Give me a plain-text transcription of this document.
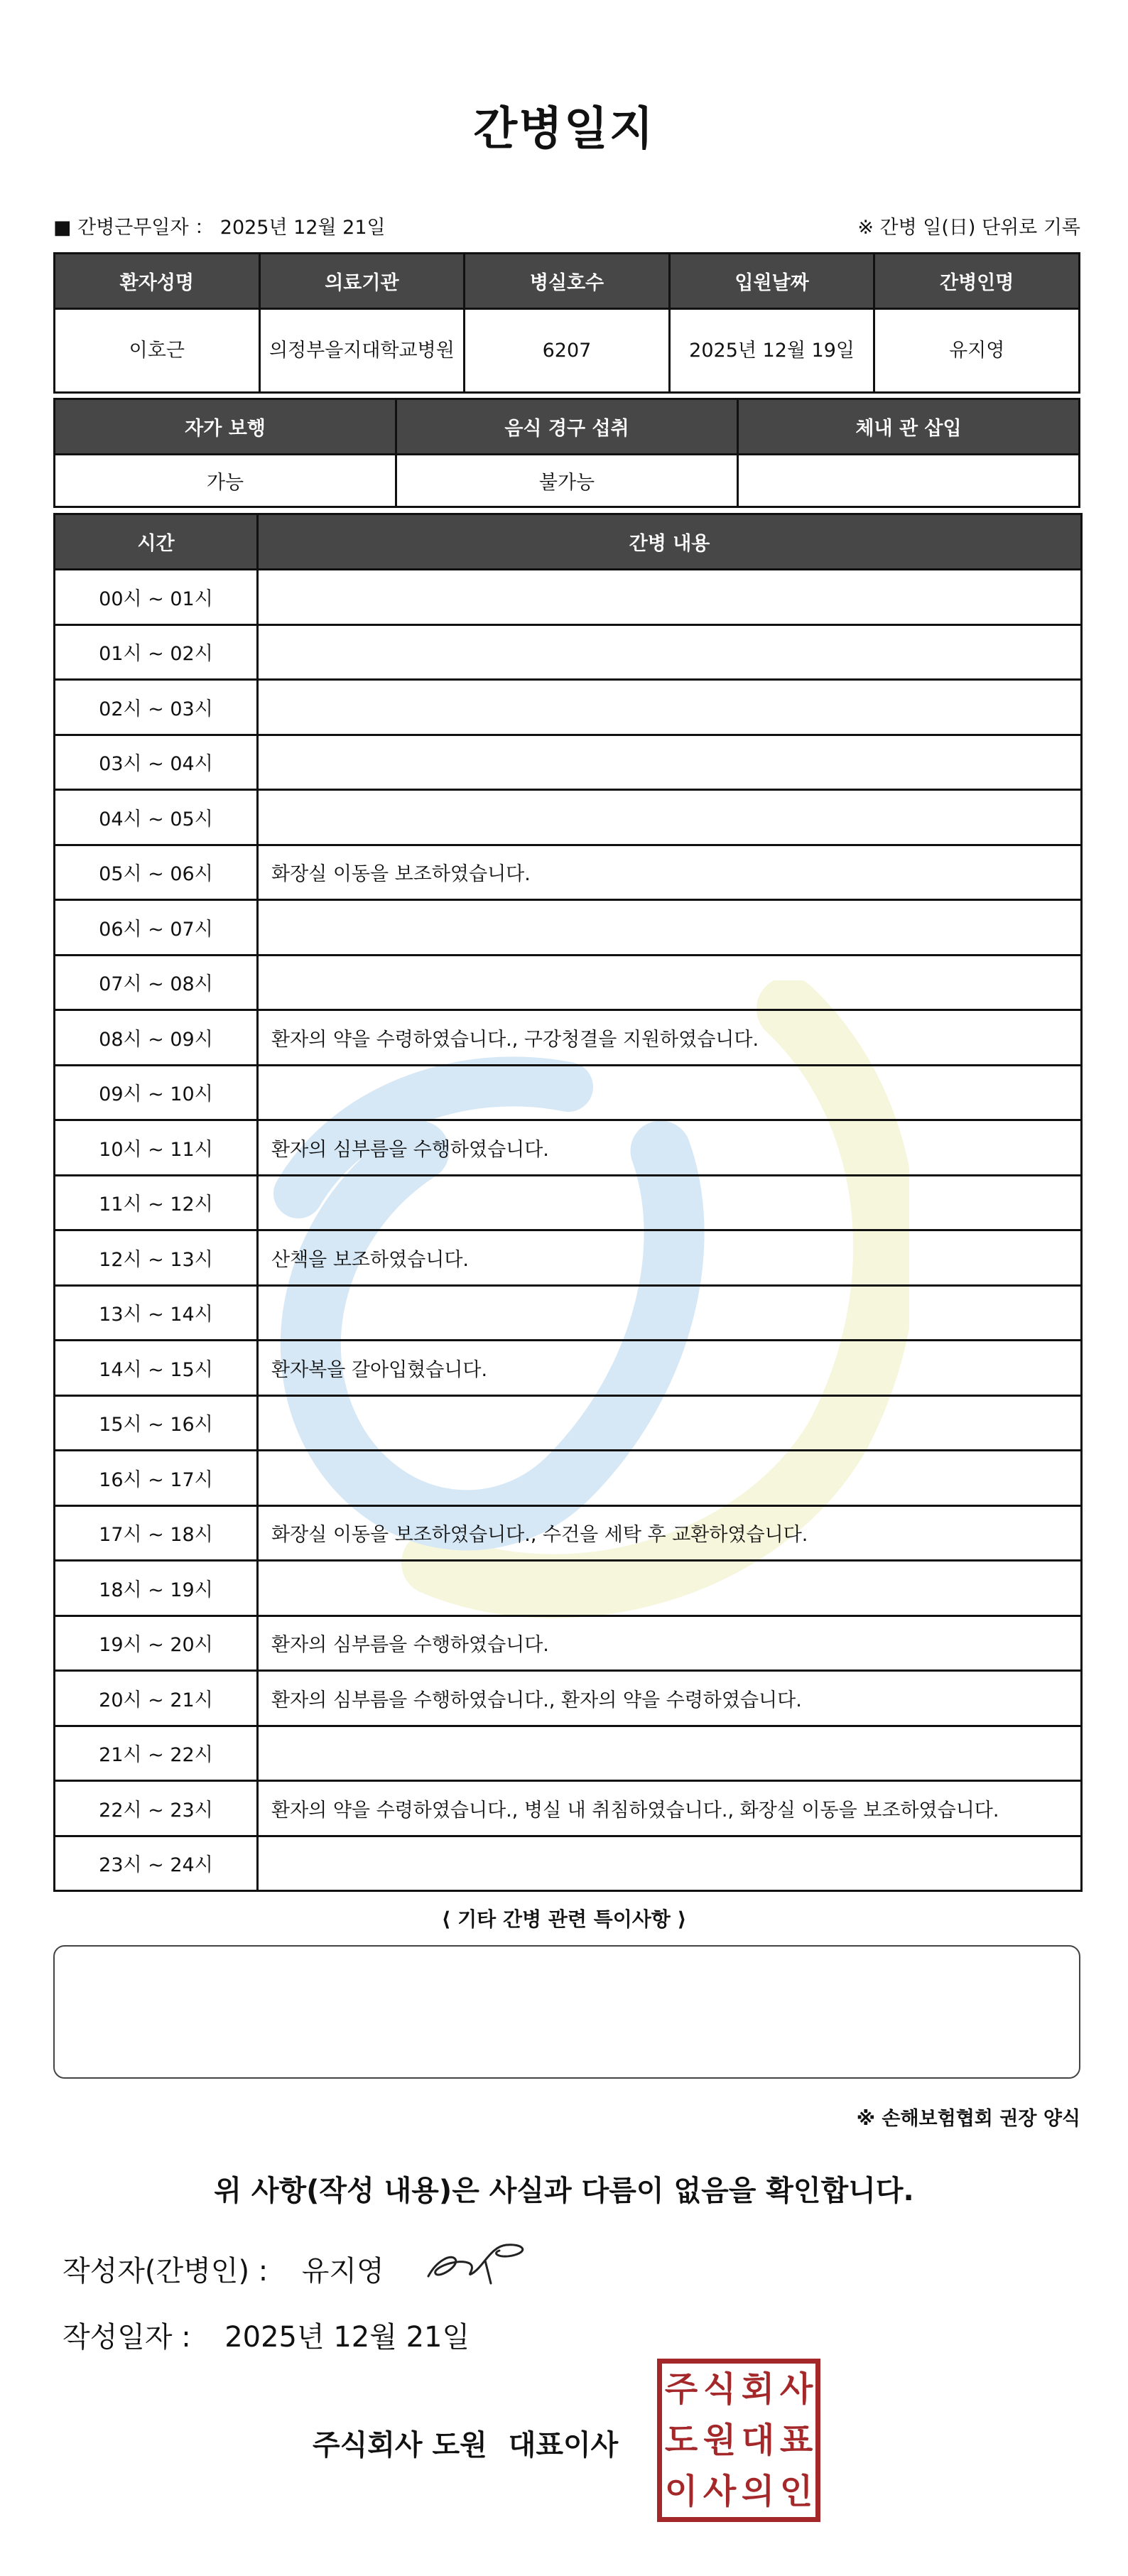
간병일지
■ 간병근무일자 ： 2025년 12월 21일	※ 간병 일(日) 단위로 기록
환자성명	의료기관	병실호수	입원날짜	간병인명
이호근	의정부을지대학교병원	6207	2025년 12월 19일	유지영
자가 보행	음식 경구 섭취	체내 관 삽입
가능	불가능	
시간	간병 내용
00시 ~ 01시	
01시 ~ 02시	
02시 ~ 03시	
03시 ~ 04시	
04시 ~ 05시	
05시 ~ 06시	화장실 이동을 보조하였습니다.
06시 ~ 07시	
07시 ~ 08시	
08시 ~ 09시	환자의 약을 수령하였습니다., 구강청결을 지원하였습니다.
09시 ~ 10시	
10시 ~ 11시	환자의 심부름을 수행하였습니다.
11시 ~ 12시	
12시 ~ 13시	산책을 보조하였습니다.
13시 ~ 14시	
14시 ~ 15시	환자복을 갈아입혔습니다.
15시 ~ 16시	
16시 ~ 17시	
17시 ~ 18시	화장실 이동을 보조하였습니다., 수건을 세탁 후 교환하였습니다.
18시 ~ 19시	
19시 ~ 20시	환자의 심부름을 수행하였습니다.
20시 ~ 21시	환자의 심부름을 수행하였습니다., 환자의 약을 수령하였습니다.
21시 ~ 22시	
22시 ~ 23시	환자의 약을 수령하였습니다., 병실 내 취침하였습니다., 화장실 이동을 보조하였습니다.
23시 ~ 24시	
⟨ 기타 간병 관련 특이사항 ⟩
※ 손해보험협회 권장 양식
위 사항(작성 내용)은 사실과 다름이 없음을 확인합니다.
작성자(간병인) : 유지영
작성일자 : 2025년 12월 21일
주식회사 도원 대표이사
주 식 회 사
도 원 대 표
이 사 의 인
